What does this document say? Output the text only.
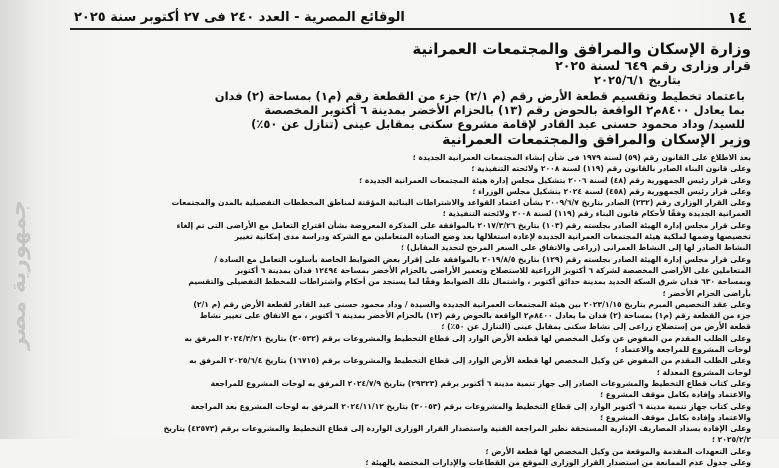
جمهورية مصر
١٤
الوقائع المصرية - العدد ٢٤٠ فى ٢٧ أكتوبر سنة ٢٠٢٥
وزارة الإسكان والمرافق والمجتمعات العمرانية
قرار وزارى رقم ٦٤٩ لسنة ٢٠٢٥
بتاريخ ٢٠٢٥/٦/١
باعتماد تخطيط وتقسيم قطعة الأرض رقم (م ٢/١) جزء من القطعة رقم (م١) بمساحة (٢) فدان
بما يعادل ٨٤٠٠م٢ الواقعة بالحوض رقم (١٣) بالحزام الأخضر بمدينة ٦ أكتوبر المخصصة
للسيد/ وداد محمود حسنى عبد القادر لإقامة مشروع سكنى بمقابل عينى (تنازل عن ٥٠٪)
وزير الإسكان والمرافق والمجتمعات العمرانية

بعد الاطلاع على القانون رقم (٥٩) لسنة ١٩٧٩ فى شأن إنشاء المجتمعات العمرانية الجديدة ؛

وعلى قانون البناء الصادر بالقانون رقم (١١٩) لسنة ٢٠٠٨ ولائحته التنفيذية ؛

وعلى قرار رئيس الجمهورية رقم (٤٨) لسنة ٢٠٠٦ بتشكيل مجلس إدارة هيئة المجتمعات العمرانية الجديدة ؛

وعلى قرار رئيس الجمهورية رقم (٤٥٨) لسنة ٢٠٢٤ بتشكيل مجلس الوزراء ؛

وعلى القرار الوزارى رقم (٢٣٢) الصادر بتاريخ ٢٠٠٩/٦/٧ بشأن اعتماد القواعد والاشتراطات البنائية المؤقتة لمناطق المخططات التفصيلية بالمدن والمجتمعات

العمرانية الجديدة وفقًا لأحكام قانون البناء رقم (١١٩) لسنة ٢٠٠٨ ولائحته التنفيذية ؛

وعلى قرار مجلس إدارة الهيئة الصادر بجلسته رقم (١٠٣) بتاريخ ٢٠١٧/٣/٢٦ بالموافقة على المذكرة المعروضة بشأن اقتراح التعامل مع الأراضى التى تم إلغاء

تخصيصها وضمها لملكية هيئة المجتمعات العمرانية الجديدة لإعادة استغلالها بعد وضع السادة المتعاملين مع الشركة ودراسة مدى إمكانية تغيير

النشاط الصادر لها إلى النشاط العمرانى (زراعى والاتفاق على السعر المرجح لتحديد المقابل) ؛

وعلى قرار مجلس إدارة الهيئة الصادر بجلسته رقم (١٢٩) بتاريخ ٢٠١٩/٨/٥ بالموافقة على إقرار بعض الضوابط الخاصة بأسلوب التعامل مع السادة /

المتعاملين على الأراضى المخصصة لشركة ٦ أكتوبر الزراعية للاستصلاح وتعمير الأراضى بالحزام الأخضر بمساحة ١٢٤٩٤ فدان بمدينة ٦ أكتوبر

وبمساحة ٦٣٠ فدان شرق السكة الحديد بمدينة حدائق أكتوبر ، واشتمال تلك الضوابط وفقًا لما يستجد من أحكام واشتراطات للمخطط التفصيلى والتقسيم

بأراضى الحزام الأخضر ؛

وعلى عقد التخصيص المبرم بتاريخ ٢٠٢٣/١/١٥ بين هيئة المجتمعات العمرانية الجديدة والسيدة / وداد محمود حسنى عبد القادر لقطعة الأرض رقم (م ٢/١)

جزء من القطعة رقم (م١) بمساحة (٢) فدان ما يعادل ٨٤٠٠م٢ الواقعة بالحوض رقم (١٣) بالحزام الأخضر بمدينة ٦ أكتوبر ، مع الاتفاق على تغيير نشاط

قطعة الأرض من إستصلاح زراعى إلى نشاط سكنى بمقابل عينى (التنازل عن ٥٠٪) ؛

وعلى الطلب المقدم من المفوض عن وكيل المخصص لها قطعة الأرض الوارد إلى قطاع التخطيط والمشروعات برقم (٢٠٥٣٢) بتاريخ ٢٠٢٤/٣/٢١ المرفق به

لوحات المشروع للمراجعة والاعتماد ؛

وعلى الطلب المقدم من المفوض عن وكيل المخصص لها قطعة الأرض الوارد إلى قطاع التخطيط والمشروعات برقم (١٦٧١٥) بتاريخ ٢٠٢٥/٦/٤ المرفق به

لوحات المشروع المعدلة ؛

وعلى كتاب قطاع التخطيط والمشروعات الصادر إلى جهاز تنمية مدينة ٦ أكتوبر برقم (٢٩٣٢٣) بتاريخ ٢٠٢٤/٧/٩ المرفق به لوحات المشروع للمراجعة

والاعتماد وإفادة بكامل موقف المشروع ؛

وعلى كتاب جهاز تنمية مدينة ٦ أكتوبر الوارد إلى قطاع التخطيط والمشروعات برقم (٣٠٠٥٣) بتاريخ ٢٠٢٤/١١/١٢ المرفق به لوحات المشروع بعد المراجعة

والاعتماد وإفادة بكامل موقف المشروع ؛

وعلى الإفادة بسداد المصاريف الإدارية المستحقة نظير المراجعة الفنية واستصدار القرار الوزارى الواردة إلى قطاع التخطيط والمشروعات برقم (٤٢٥٧٣) بتاريخ

٢٠٢٥/٢/٢ ؛

وعلى التعهدات المقدمة والموقعة من وكيل المخصص لها قطعة الأرض ؛

وعلى جدول عدم الممانعة من استصدار القرار الوزارى الموقع من القطاعات والإدارات المختصة بالهيئة ؛
